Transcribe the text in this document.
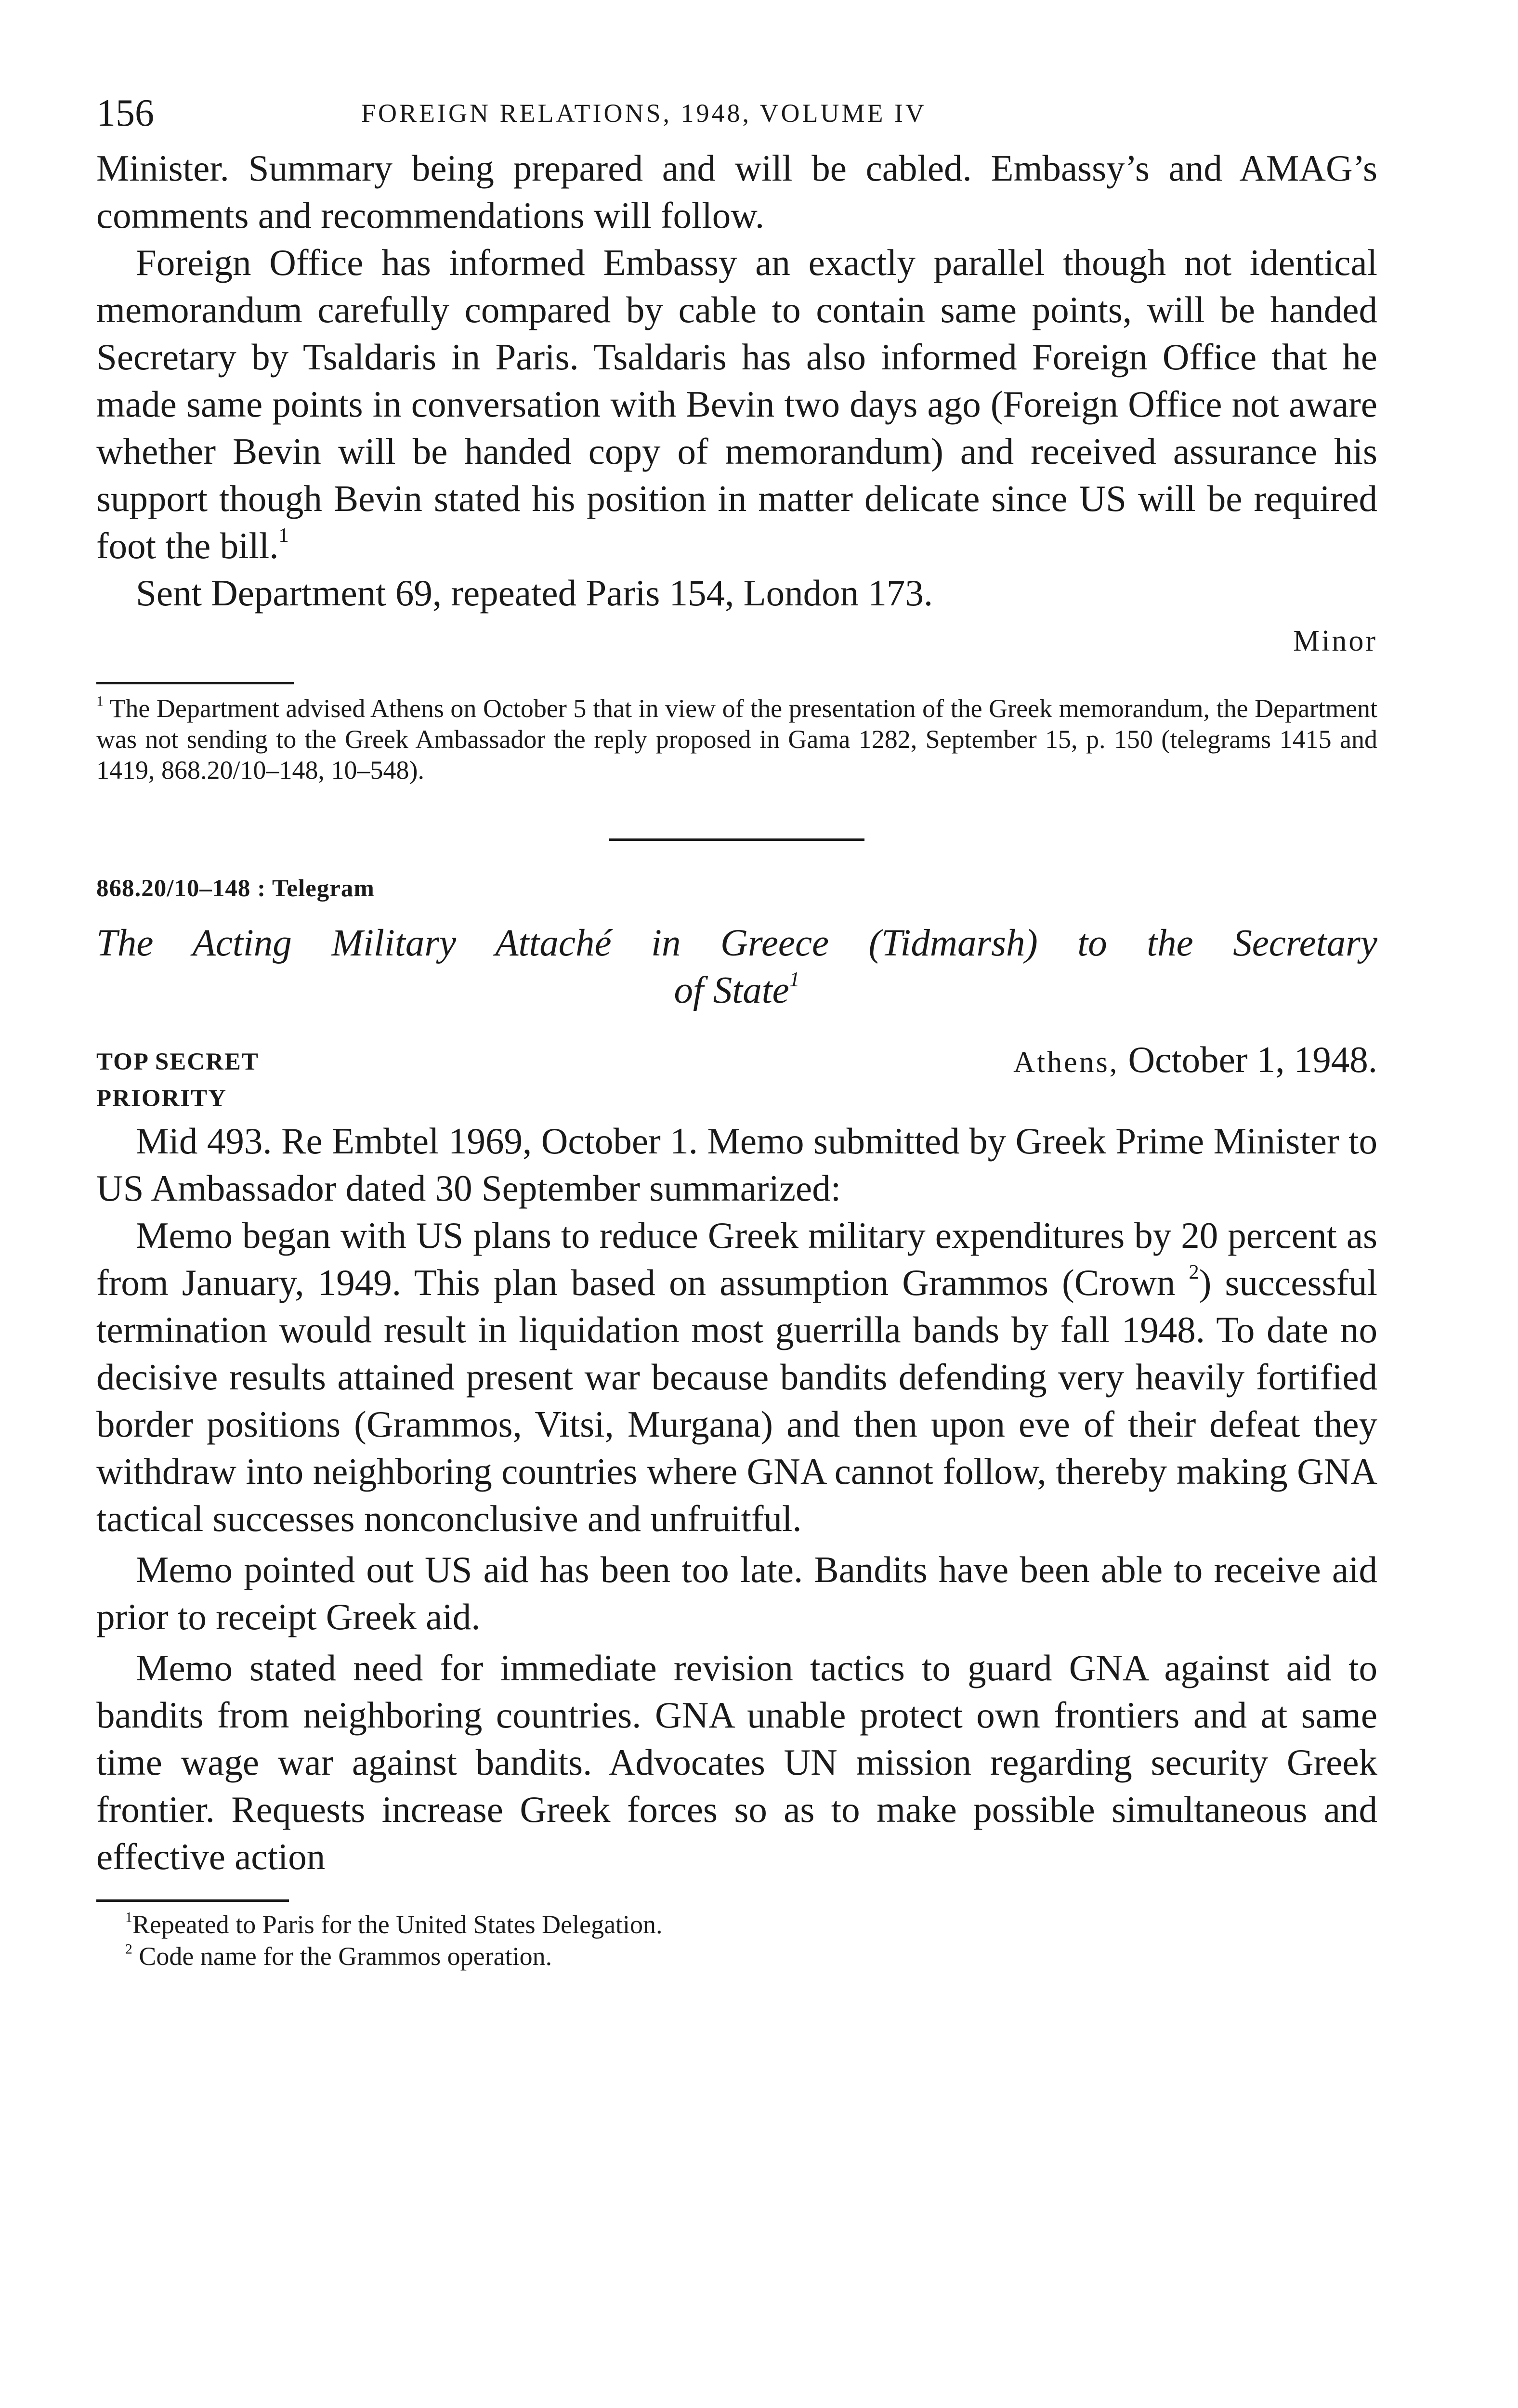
156	FOREIGN RELATIONS, 1948, VOLUME IV

Minister. Summary being prepared and will be cabled. Embassy’s and AMAG’s comments and recommendations will follow.

Foreign Office has informed Embassy an exactly parallel though not identical memorandum carefully compared by cable to contain same points, will be handed Secretary by Tsaldaris in Paris. Tsaldaris has also informed Foreign Office that he made same points in conversation with Bevin two days ago (Foreign Office not aware whether Bevin will be handed copy of memorandum) and received assurance his support though Bevin stated his position in matter delicate since US will be required foot the bill.$^1$

Sent Department 69, repeated Paris 154, London 173.

Minor

$^1$ The Department advised Athens on October 5 that in view of the presentation of the Greek memorandum, the Department was not sending to the Greek Ambassador the reply proposed in Gama 1282, September 15, p. 150 (telegrams 1415 and 1419, 868.20/10–148, 10–548).

868.20/10–148 : Telegram
The Acting Military Attaché in Greece (Tidmarsh) to the Secretary
of State$^1$
TOP SECRET	Athens, October 1, 1948.
PRIORITY

Mid 493. Re Embtel 1969, October 1. Memo submitted by Greek Prime Minister to US Ambassador dated 30 September summarized:

Memo began with US plans to reduce Greek military expenditures by 20 percent as from January, 1949. This plan based on assumption Grammos (Crown $^2$) successful termination would result in liquidation most guerrilla bands by fall 1948. To date no decisive results attained present war because bandits defending very heavily fortified border positions (Grammos, Vitsi, Murgana) and then upon eve of their defeat they withdraw into neighboring countries where GNA cannot follow, thereby making GNA tactical successes nonconclusive and unfruitful.

Memo pointed out US aid has been too late. Bandits have been able to receive aid prior to receipt Greek aid.

Memo stated need for immediate revision tactics to guard GNA against aid to bandits from neighboring countries. GNA unable protect own frontiers and at same time wage war against bandits. Advocates UN mission regarding security Greek frontier. Requests increase Greek forces so as to make possible simultaneous and effective action

$^1$Repeated to Paris for the United States Delegation.

$^2$ Code name for the Grammos operation.
